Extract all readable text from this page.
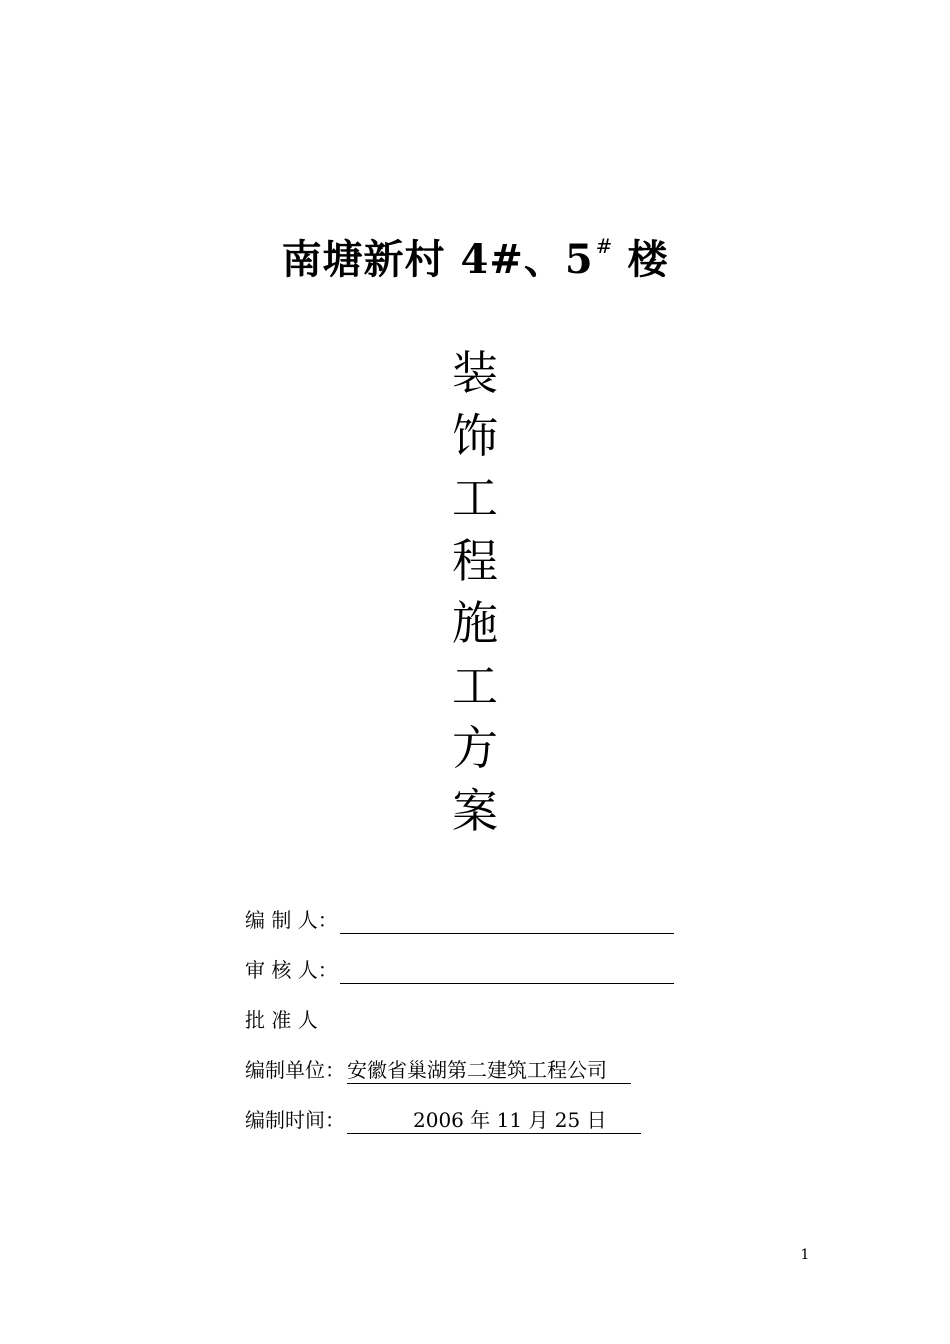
南塘新村 4#、5 # 楼
装
饰
工
程
施
工
方
案
编 制 人：
审 核 人：
批 准 人
编制单位： 安徽省巢湖第二建筑工程公司
编制时间：	2006 年 11 月 25 日
1
